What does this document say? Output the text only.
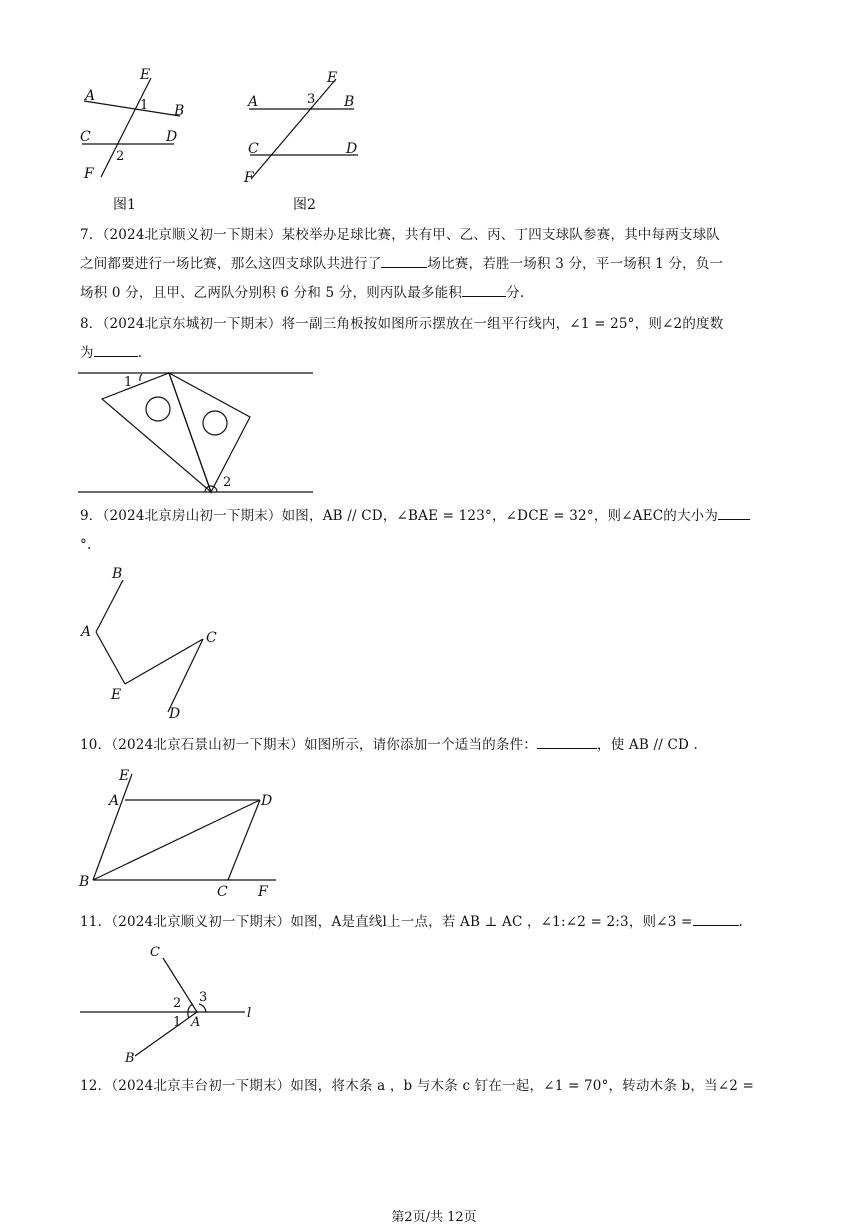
A
B
C	D
E
F
1
2
A	B
C	D
E
F
3
图1	图2
7．（2024北京顺义初一下期末）某校举办足球比赛，共有甲、乙、丙、丁四支球队参赛，其中每两支球队
之间都要进行一场比赛，那么这四支球队共进行了	场比赛，若胜一场积 3 分，平一场积 1 分，负一
场积 0 分，且甲、乙两队分别积 6 分和 5 分，则丙队最多能积	分.
8．（2024北京东城初一下期末）将一副三角板按如图所示摆放在一组平行线内，∠1 = 25°，则∠2的度数
为	.
1
2
9．（2024北京房山初一下期末）如图，AB // CD，∠BAE = 123°，∠DCE = 32°，则∠AEC的大小为
°.
B
A
E
C
D
10．（2024北京石景山初一下期末）如图所示，请你添加一个适当的条件：	，使 AB // CD .
E
A	D
B
C F
11．（2024北京顺义初一下期末）如图，A是直线l上一点，若 AB ⊥ AC ，∠1:∠2 = 2:3，则∠3 =	.
C
2 3
1 A
l
B
12．（2024北京丰台初一下期末）如图，将木条 a ，b 与木条 c 钉在一起，∠1 = 70°，转动木条 b，当∠2 =
第2页/共 12页
